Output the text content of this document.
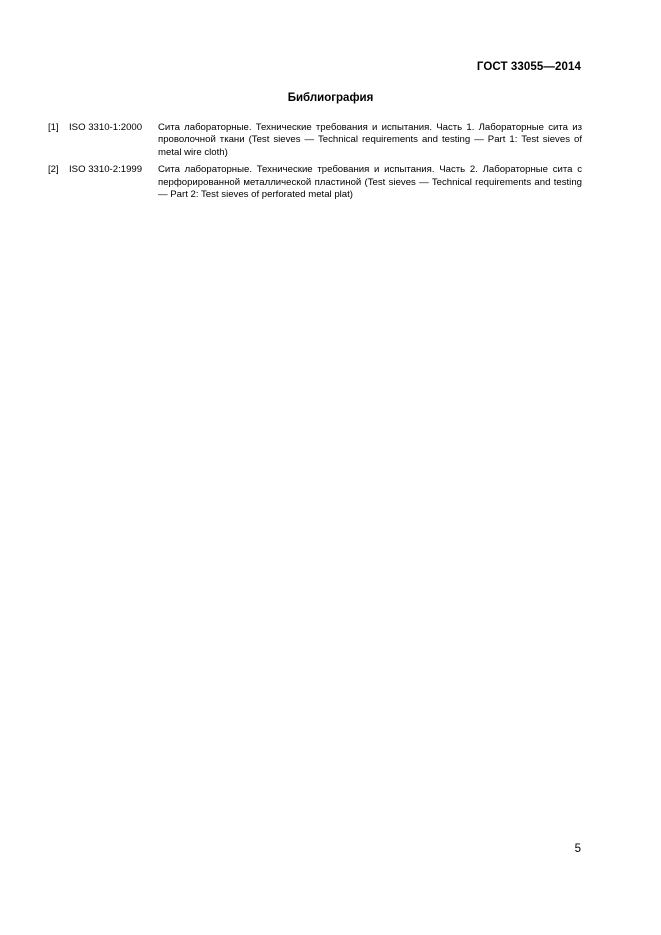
ГОСТ 33055—2014
Библиография
[1]	ISO 3310-1:2000	Сита лабораторные. Технические требования и испытания. Часть 1. Лабораторные сита из проволочной ткани (Test sieves — Technical requirements and testing — Part 1: Test sieves of metal wire cloth)
[2]	ISO 3310-2:1999	Сита лабораторные. Технические требования и испытания. Часть 2. Лабораторные сита с перфорированной металлической пластиной (Test sieves — Technical requirements and testing — Part 2: Test sieves of perforated metal plat)
5
